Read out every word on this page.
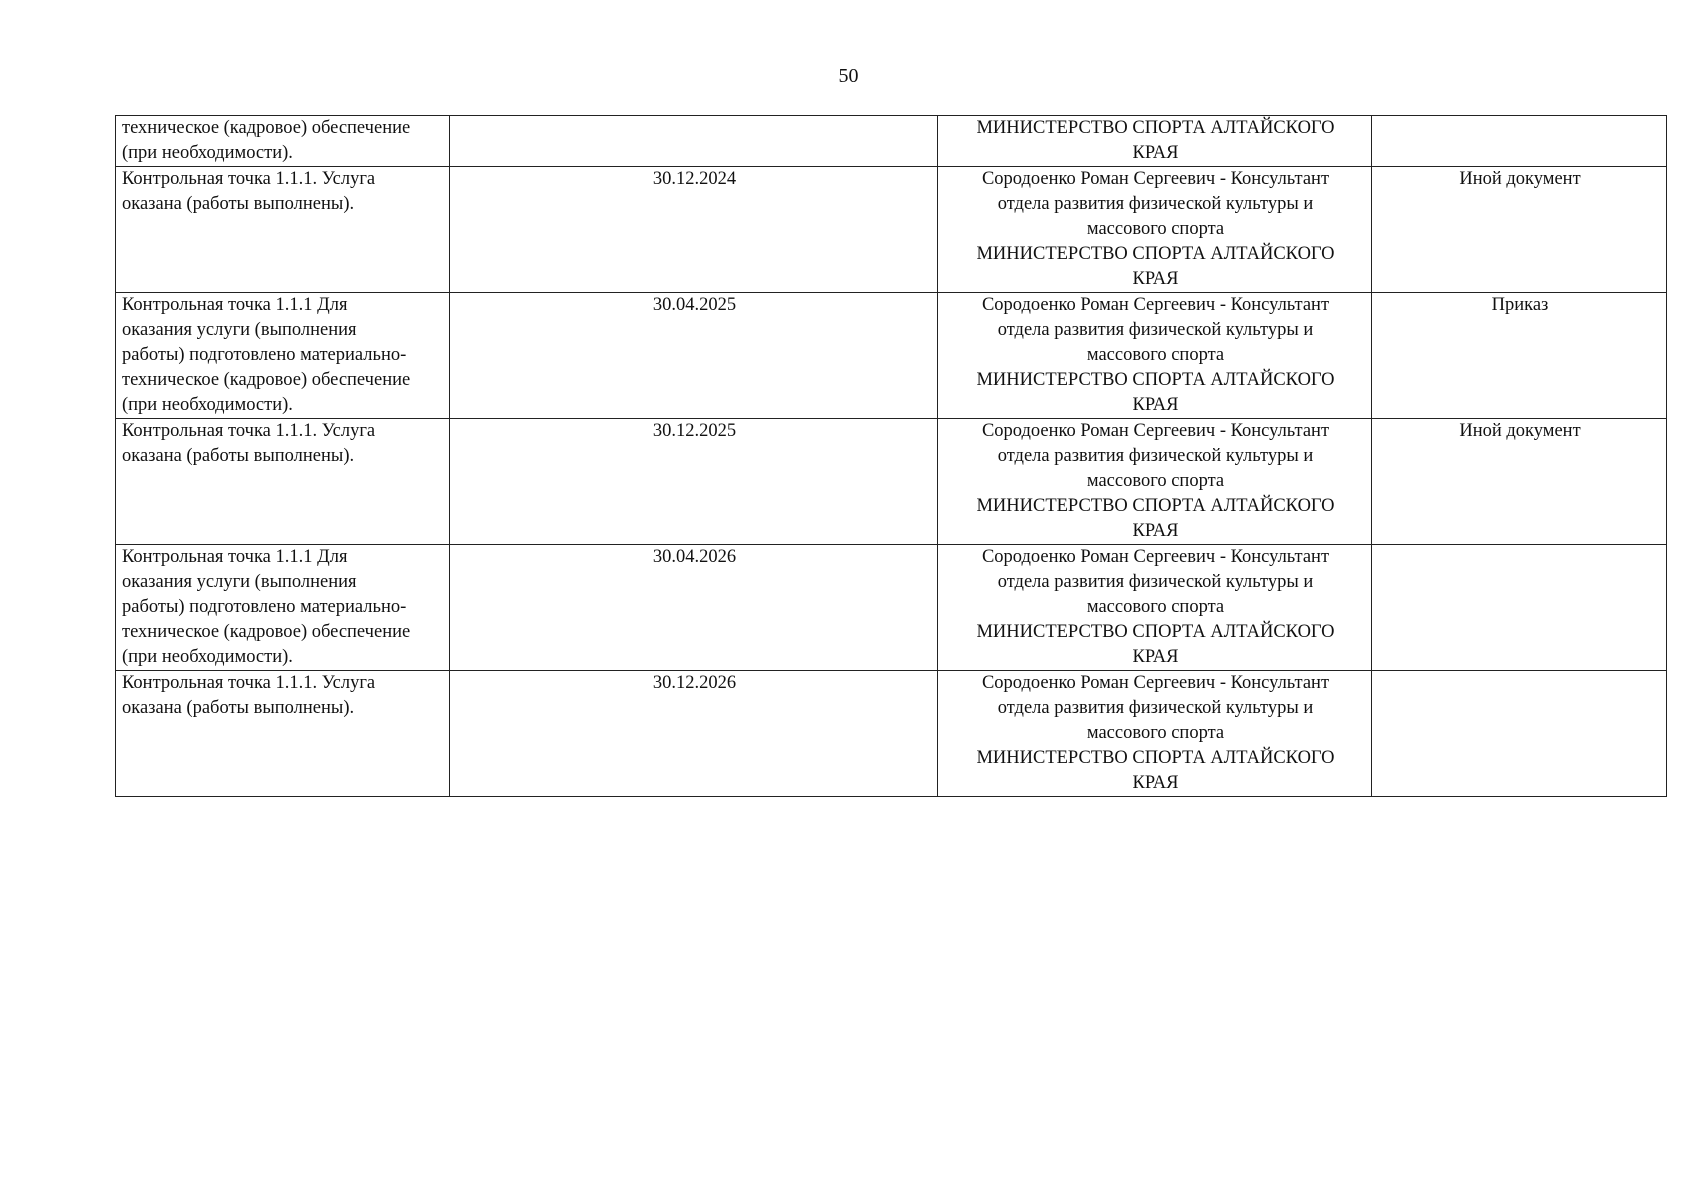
50
техническое (кадровое) обеспечение
(при необходимости).		МИНИСТЕРСТВО СПОРТА АЛТАЙСКОГО
КРАЯ	

Контрольная точка 1.1.1. Услуга
оказана (работы выполнены).	30.12.2024	Сородоенко Роман Сергеевич - Консультант
отдела развития физической культуры и
массового спорта
МИНИСТЕРСТВО СПОРТА АЛТАЙСКОГО
КРАЯ	Иной документ

Контрольная точка 1.1.1 Для
оказания услуги (выполнения
работы) подготовлено материально-
техническое (кадровое) обеспечение
(при необходимости).	30.04.2025	Сородоенко Роман Сергеевич - Консультант
отдела развития физической культуры и
массового спорта
МИНИСТЕРСТВО СПОРТА АЛТАЙСКОГО
КРАЯ	Приказ

Контрольная точка 1.1.1. Услуга
оказана (работы выполнены).	30.12.2025	Сородоенко Роман Сергеевич - Консультант
отдела развития физической культуры и
массового спорта
МИНИСТЕРСТВО СПОРТА АЛТАЙСКОГО
КРАЯ	Иной документ

Контрольная точка 1.1.1 Для
оказания услуги (выполнения
работы) подготовлено материально-
техническое (кадровое) обеспечение
(при необходимости).	30.04.2026	Сородоенко Роман Сергеевич - Консультант
отдела развития физической культуры и
массового спорта
МИНИСТЕРСТВО СПОРТА АЛТАЙСКОГО
КРАЯ	

Контрольная точка 1.1.1. Услуга
оказана (работы выполнены).	30.12.2026	Сородоенко Роман Сергеевич - Консультант
отдела развития физической культуры и
массового спорта
МИНИСТЕРСТВО СПОРТА АЛТАЙСКОГО
КРАЯ	
